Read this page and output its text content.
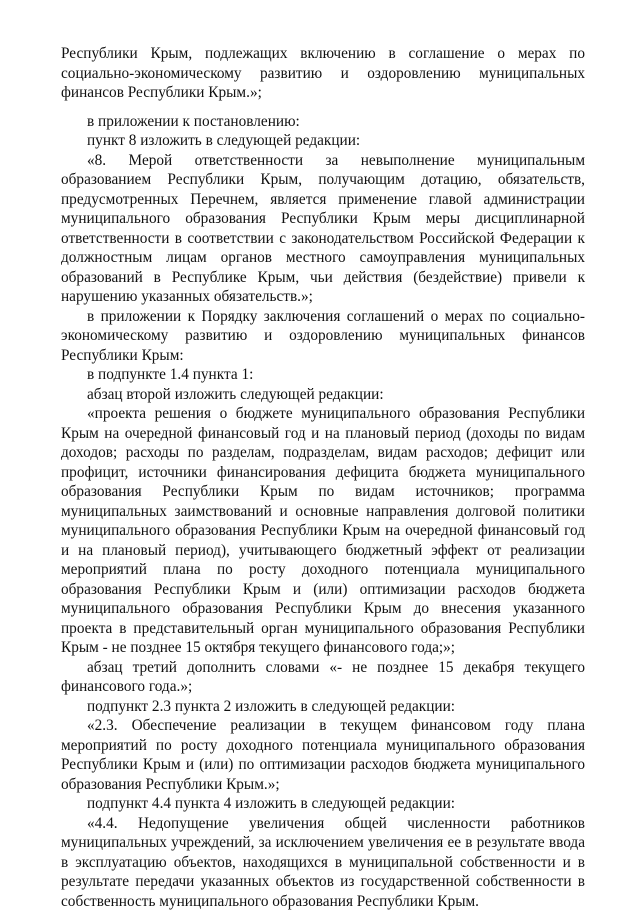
Республики Крым, подлежащих включению в соглашение о мерах по социально-экономическому развитию и оздоровлению муниципальных финансов Республики Крым.»;

в приложении к постановлению:

пункт 8 изложить в следующей редакции:

«8. Мерой ответственности за невыполнение муниципальным образованием Республики Крым, получающим дотацию, обязательств, предусмотренных Перечнем, является применение главой администрации муниципального образования Республики Крым меры дисциплинарной ответственности в соответствии с законодательством Российской Федерации к должностным лицам органов местного самоуправления муниципальных образований в Республике Крым, чьи действия (бездействие) привели к нарушению указанных обязательств.»;

в приложении к Порядку заключения соглашений о мерах по социально-экономическому развитию и оздоровлению муниципальных финансов Республики Крым:

в подпункте 1.4 пункта 1:

абзац второй изложить следующей редакции:

«проекта решения о бюджете муниципального образования Республики Крым на очередной финансовый год и на плановый период (доходы по видам доходов; расходы по разделам, подразделам, видам расходов; дефицит или профицит, источники финансирования дефицита бюджета муниципального образования Республики Крым по видам источников; программа муниципальных заимствований и основные направления долговой политики муниципального образования Республики Крым на очередной финансовый год и на плановый период), учитывающего бюджетный эффект от реализации мероприятий плана по росту доходного потенциала муниципального образования Республики Крым и (или) оптимизации расходов бюджета муниципального образования Республики Крым до внесения указанного проекта в представительный орган муниципального образования Республики Крым - не позднее 15 октября текущего финансового года;»;

абзац третий дополнить словами «- не позднее 15 декабря текущего финансового года.»;

подпункт 2.3 пункта 2 изложить в следующей редакции:

«2.3. Обеспечение реализации в текущем финансовом году плана мероприятий по росту доходного потенциала муниципального образования Республики Крым и (или) по оптимизации расходов бюджета муниципального образования Республики Крым.»;

подпункт 4.4 пункта 4 изложить в следующей редакции:

«4.4. Недопущение увеличения общей численности работников муниципальных учреждений, за исключением увеличения ее в результате ввода в эксплуатацию объектов, находящихся в муниципальной собственности и в результате передачи указанных объектов из государственной собственности в собственность муниципального образования Республики Крым.
